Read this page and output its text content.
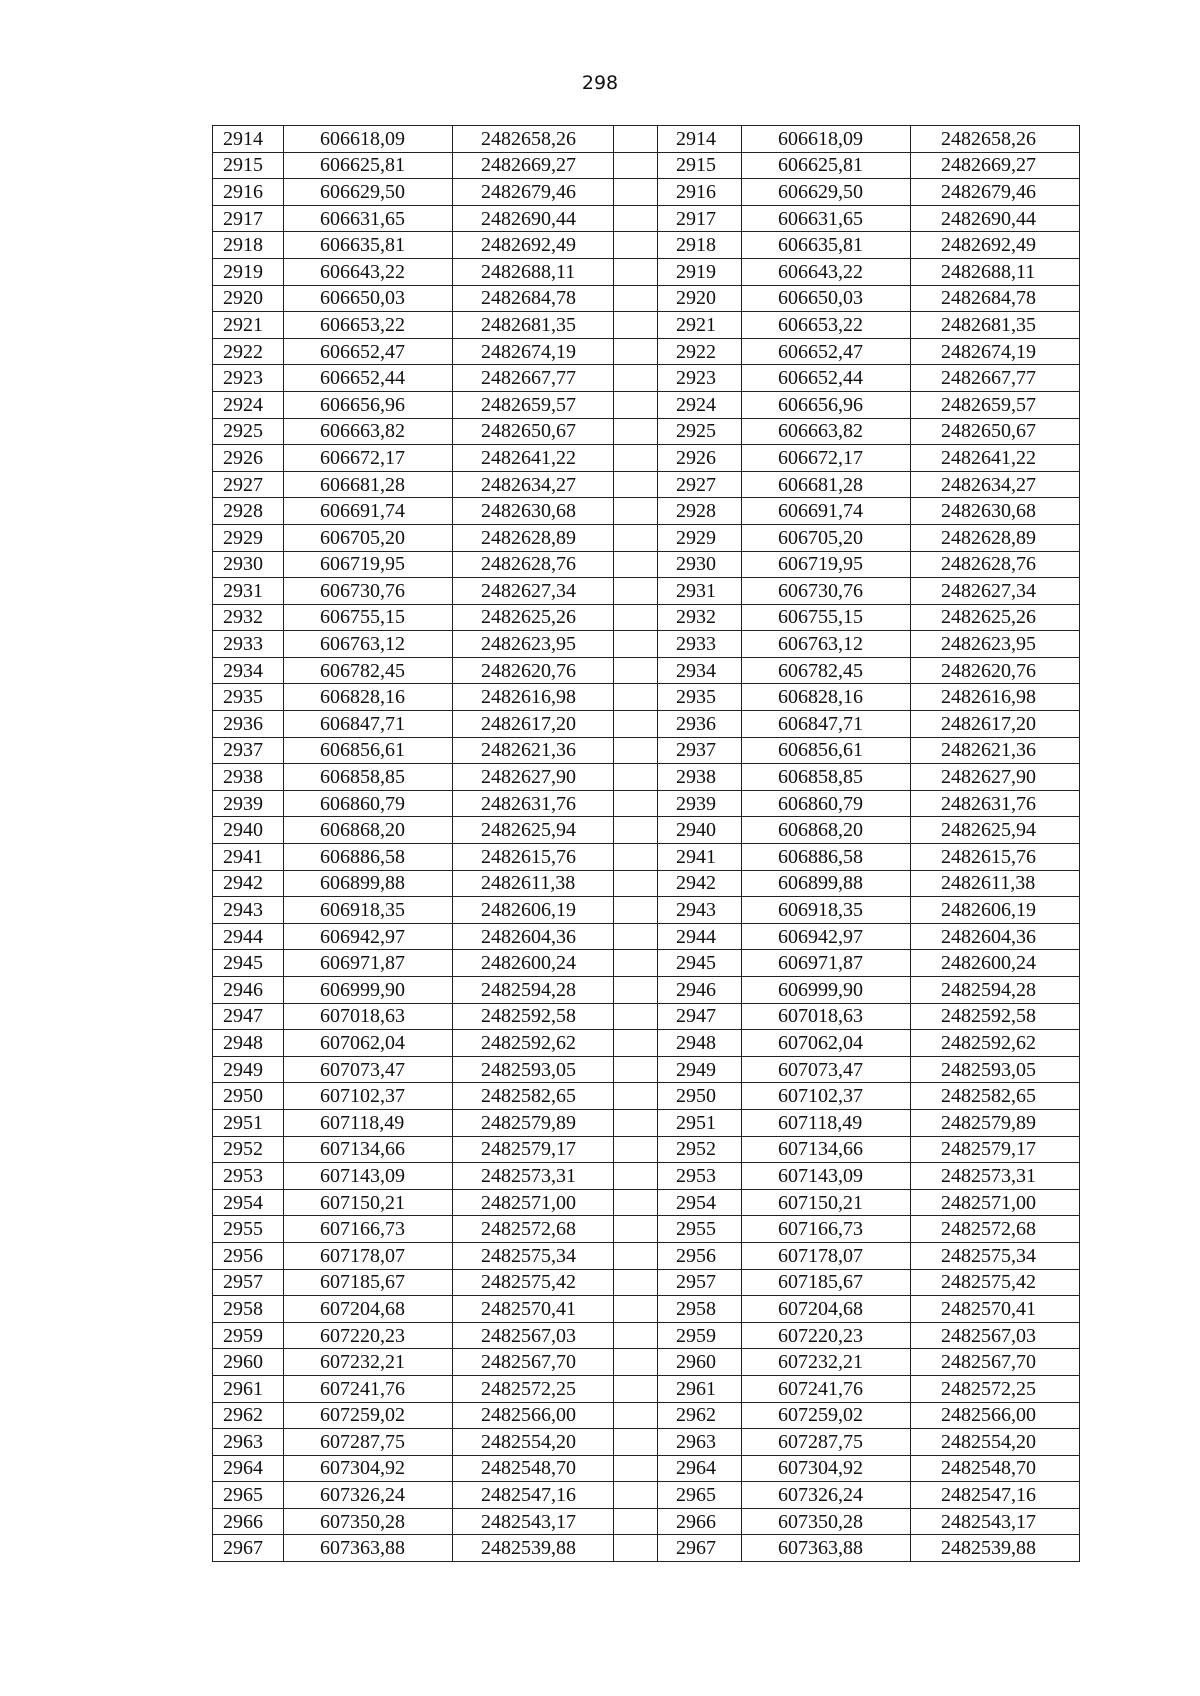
298
2914	606618,09	2482658,26		2914	606618,09	2482658,26
2915	606625,81	2482669,27		2915	606625,81	2482669,27
2916	606629,50	2482679,46		2916	606629,50	2482679,46
2917	606631,65	2482690,44		2917	606631,65	2482690,44
2918	606635,81	2482692,49		2918	606635,81	2482692,49
2919	606643,22	2482688,11		2919	606643,22	2482688,11
2920	606650,03	2482684,78		2920	606650,03	2482684,78
2921	606653,22	2482681,35		2921	606653,22	2482681,35
2922	606652,47	2482674,19		2922	606652,47	2482674,19
2923	606652,44	2482667,77		2923	606652,44	2482667,77
2924	606656,96	2482659,57		2924	606656,96	2482659,57
2925	606663,82	2482650,67		2925	606663,82	2482650,67
2926	606672,17	2482641,22		2926	606672,17	2482641,22
2927	606681,28	2482634,27		2927	606681,28	2482634,27
2928	606691,74	2482630,68		2928	606691,74	2482630,68
2929	606705,20	2482628,89		2929	606705,20	2482628,89
2930	606719,95	2482628,76		2930	606719,95	2482628,76
2931	606730,76	2482627,34		2931	606730,76	2482627,34
2932	606755,15	2482625,26		2932	606755,15	2482625,26
2933	606763,12	2482623,95		2933	606763,12	2482623,95
2934	606782,45	2482620,76		2934	606782,45	2482620,76
2935	606828,16	2482616,98		2935	606828,16	2482616,98
2936	606847,71	2482617,20		2936	606847,71	2482617,20
2937	606856,61	2482621,36		2937	606856,61	2482621,36
2938	606858,85	2482627,90		2938	606858,85	2482627,90
2939	606860,79	2482631,76		2939	606860,79	2482631,76
2940	606868,20	2482625,94		2940	606868,20	2482625,94
2941	606886,58	2482615,76		2941	606886,58	2482615,76
2942	606899,88	2482611,38		2942	606899,88	2482611,38
2943	606918,35	2482606,19		2943	606918,35	2482606,19
2944	606942,97	2482604,36		2944	606942,97	2482604,36
2945	606971,87	2482600,24		2945	606971,87	2482600,24
2946	606999,90	2482594,28		2946	606999,90	2482594,28
2947	607018,63	2482592,58		2947	607018,63	2482592,58
2948	607062,04	2482592,62		2948	607062,04	2482592,62
2949	607073,47	2482593,05		2949	607073,47	2482593,05
2950	607102,37	2482582,65		2950	607102,37	2482582,65
2951	607118,49	2482579,89		2951	607118,49	2482579,89
2952	607134,66	2482579,17		2952	607134,66	2482579,17
2953	607143,09	2482573,31		2953	607143,09	2482573,31
2954	607150,21	2482571,00		2954	607150,21	2482571,00
2955	607166,73	2482572,68		2955	607166,73	2482572,68
2956	607178,07	2482575,34		2956	607178,07	2482575,34
2957	607185,67	2482575,42		2957	607185,67	2482575,42
2958	607204,68	2482570,41		2958	607204,68	2482570,41
2959	607220,23	2482567,03		2959	607220,23	2482567,03
2960	607232,21	2482567,70		2960	607232,21	2482567,70
2961	607241,76	2482572,25		2961	607241,76	2482572,25
2962	607259,02	2482566,00		2962	607259,02	2482566,00
2963	607287,75	2482554,20		2963	607287,75	2482554,20
2964	607304,92	2482548,70		2964	607304,92	2482548,70
2965	607326,24	2482547,16		2965	607326,24	2482547,16
2966	607350,28	2482543,17		2966	607350,28	2482543,17
2967	607363,88	2482539,88		2967	607363,88	2482539,88
